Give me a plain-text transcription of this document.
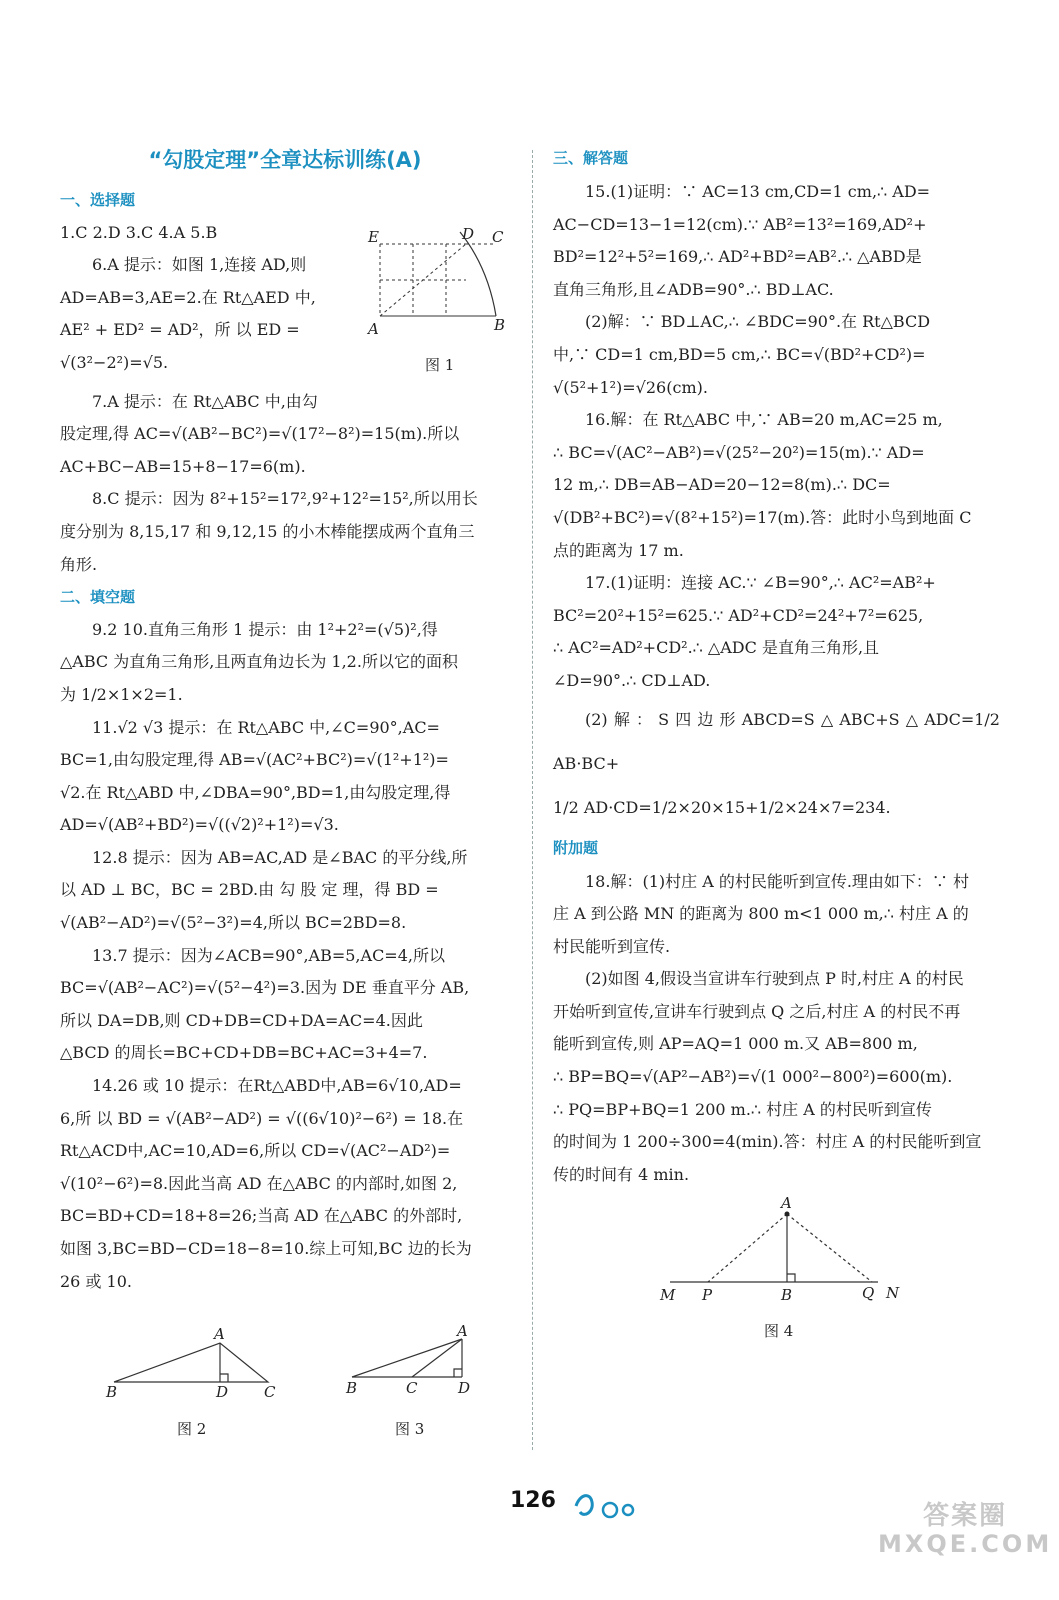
“勾股定理”全章达标训练(A)
一、选择题
1.C 2.D 3.C 4.A 5.B
6.A 提示：如图 1,连接 AD,则
AD=AB=3,AE=2.在 Rt△AED 中,
AE² + ED² = AD²，所 以 ED =
√(3²−2²)=√5.
7.A 提示：在 Rt△ABC 中,由勾
股定理,得 AC=√(AB²−BC²)=√(17²−8²)=15(m).所以
AC+BC−AB=15+8−17=6(m).
8.C 提示：因为 8²+15²=17²,9²+12²=15²,所以用长
度分别为 8,15,17 和 9,12,15 的小木棒能摆成两个直角三
角形.
二、填空题
9.2 10.直角三角形 1 提示：由 1²+2²=(√5)²,得
△ABC 为直角三角形,且两直角边长为 1,2.所以它的面积
为 1/2×1×2=1.
11.√2 √3 提示：在 Rt△ABC 中,∠C=90°,AC=
BC=1,由勾股定理,得 AB=√(AC²+BC²)=√(1²+1²)=
√2.在 Rt△ABD 中,∠DBA=90°,BD=1,由勾股定理,得
AD=√(AB²+BD²)=√((√2)²+1²)=√3.
12.8 提示：因为 AB=AC,AD 是∠BAC 的平分线,所
以 AD ⊥ BC，BC = 2BD.由 勾 股 定 理，得 BD =
√(AB²−AD²)=√(5²−3²)=4,所以 BC=2BD=8.
13.7 提示：因为∠ACB=90°,AB=5,AC=4,所以
BC=√(AB²−AC²)=√(5²−4²)=3.因为 DE 垂直平分 AB,
所以 DA=DB,则 CD+DB=CD+DA=AC=4.因此
△BCD 的周长=BC+CD+DB=BC+AC=3+4=7.
14.26 或 10 提示：在Rt△ABD中,AB=6√10,AD=
6,所 以 BD = √(AB²−AD²) = √((6√10)²−6²) = 18.在
Rt△ACD中,AC=10,AD=6,所以 CD=√(AC²−AD²)=
√(10²−6²)=8.因此当高 AD 在△ABC 的内部时,如图 2,
BC=BD+CD=18+8=26;当高 AD 在△ABC 的外部时,
如图 3,BC=BD−CD=18−8=10.综上可知,BC 边的长为
26 或 10.
E	D C
A	B
图 1
A
B	D C
图 2
A
B	C	D
图 3
三、解答题
15.(1)证明：∵ AC=13 cm,CD=1 cm,∴ AD=
AC−CD=13−1=12(cm).∵ AB²=13²=169,AD²+
BD²=12²+5²=169,∴ AD²+BD²=AB².∴ △ABD是
直角三角形,且∠ADB=90°.∴ BD⊥AC.
(2)解：∵ BD⊥AC,∴ ∠BDC=90°.在 Rt△BCD
中,∵ CD=1 cm,BD=5 cm,∴ BC=√(BD²+CD²)=
√(5²+1²)=√26(cm).
16.解：在 Rt△ABC 中,∵ AB=20 m,AC=25 m,
∴ BC=√(AC²−AB²)=√(25²−20²)=15(m).∵ AD=
12 m,∴ DB=AB−AD=20−12=8(m).∴ DC=
√(DB²+BC²)=√(8²+15²)=17(m).答：此时小鸟到地面 C
点的距离为 17 m.
17.(1)证明：连接 AC.∵ ∠B=90°,∴ AC²=AB²+
BC²=20²+15²=625.∵ AD²+CD²=24²+7²=625,
∴ AC²=AD²+CD².∴ △ADC 是直角三角形,且
∠D=90°.∴ CD⊥AD.
(2)解：S四边形ABCD=S△ABC+S△ADC=1/2 AB·BC+
1/2 AD·CD=1/2×20×15+1/2×24×7=234.
附加题
18.解：(1)村庄 A 的村民能听到宣传.理由如下：∵ 村
庄 A 到公路 MN 的距离为 800 m<1 000 m,∴ 村庄 A 的
村民能听到宣传.
(2)如图 4,假设当宣讲车行驶到点 P 时,村庄 A 的村民
开始听到宣传,宣讲车行驶到点 Q 之后,村庄 A 的村民不再
能听到宣传,则 AP=AQ=1 000 m.又 AB=800 m,
∴ BP=BQ=√(AP²−AB²)=√(1 000²−800²)=600(m).
∴ PQ=BP+BQ=1 200 m.∴ 村庄 A 的村民听到宣传
的时间为 1 200÷300=4(min).答：村庄 A 的村民能听到宣
传的时间有 4 min.
A
M P	B	Q N
图 4
126
答案圈
MXQE.COM
